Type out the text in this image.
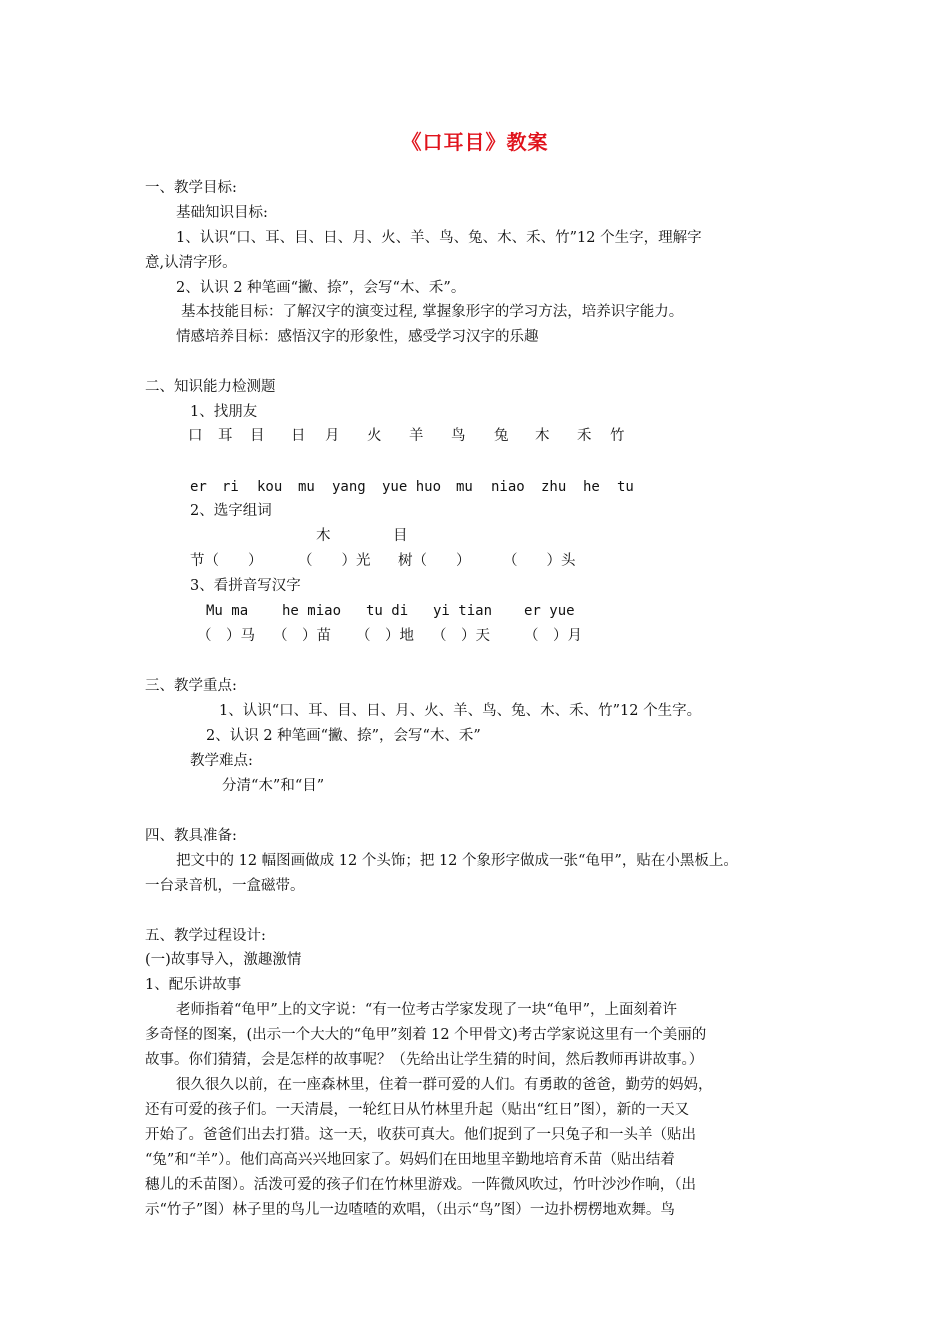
《口耳目》教案
一、教学目标:
基础知识目标:
1、认识“口、耳、目、日、月、火、羊、鸟、兔、木、禾、竹”12 个生字，理解字
意,认清字形。
2、认识 2 种笔画“撇、捺”，会写“木、禾”。
基本技能目标：了解汉字的演变过程, 掌握象形字的学习方法，培养识字能力。
情感培养目标：感悟汉字的形象性，感受学习汉字的乐趣
二、知识能力检测题
1、找朋友
口 耳 目 日 月 火 羊 鸟 兔 木 禾 竹
er ri kou mu yang yue huo mu niao zhu he tu
2、选字组词
木	目
节（　　） （　　）光 树（　　） （　　）头
3、看拼音写汉字
Mu ma he miao tu di yi tian er yue
（　）马 （　）苗 （　）地 （　）天 （　）月
三、教学重点:
1、认识“口、耳、目、日、月、火、羊、鸟、兔、木、禾、竹”12 个生字。
2、认识 2 种笔画“撇、捺”，会写“木、禾”
教学难点:
分清“木”和“目”
四、教具准备:
把文中的 12 幅图画做成 12 个头饰；把 12 个象形字做成一张“龟甲”，贴在小黑板上。
一台录音机，一盒磁带。
五、教学过程设计:
(一)故事导入，激趣激情
1、配乐讲故事
老师指着“龟甲”上的文字说：“有一位考古学家发现了一块“龟甲”，上面刻着许
多奇怪的图案，(出示一个大大的“龟甲”刻着 12 个甲骨文)考古学家说这里有一个美丽的
故事。你们猜猜，会是怎样的故事呢？（先给出让学生猜的时间，然后教师再讲故事。）
很久很久以前，在一座森林里，住着一群可爱的人们。有勇敢的爸爸，勤劳的妈妈，
还有可爱的孩子们。一天清晨，一轮红日从竹林里升起（贴出“红日”图），新的一天又
开始了。爸爸们出去打猎。这一天，收获可真大。他们捉到了一只兔子和一头羊（贴出
“兔”和“羊”）。他们高高兴兴地回家了。妈妈们在田地里辛勤地培育禾苗（贴出结着
穗儿的禾苗图）。活泼可爱的孩子们在竹林里游戏。一阵微风吹过，竹叶沙沙作响，（出
示“竹子”图）林子里的鸟儿一边喳喳的欢唱，（出示“鸟”图）一边扑楞楞地欢舞。鸟
